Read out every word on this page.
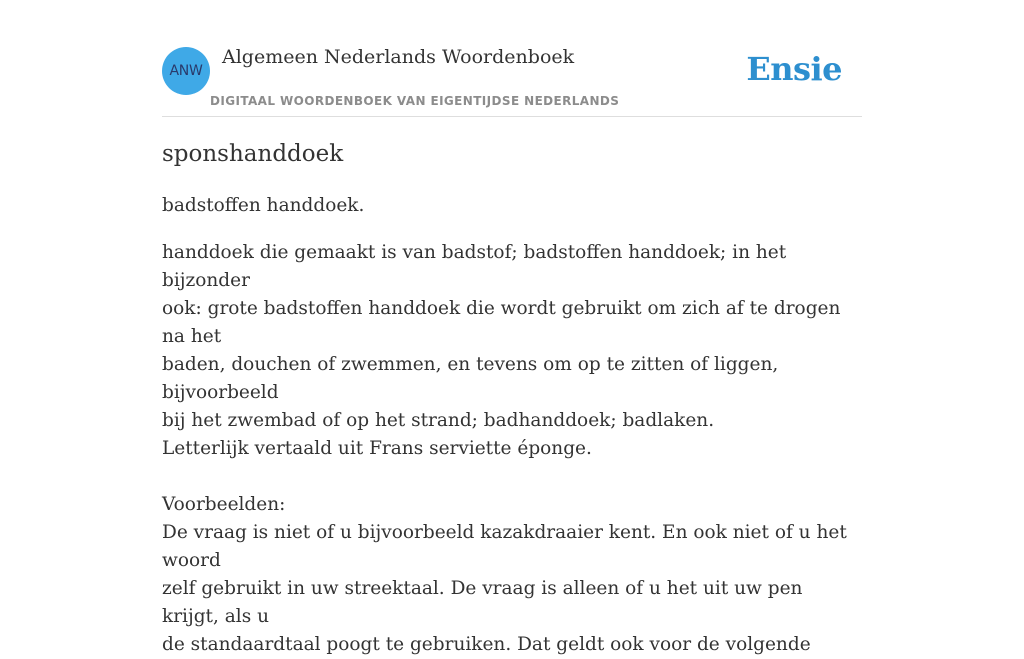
ANW
Algemeen Nederlands Woordenboek
DIGITAAL WOORDENBOEK VAN EIGENTIJDSE NEDERLANDS
Ensie
sponshanddoek

badstoffen handdoek.

handdoek die gemaakt is van badstof; badstoffen handdoek; in het bijzonder
ook: grote badstoffen handdoek die wordt gebruikt om zich af te drogen na het
baden, douchen of zwemmen, en tevens om op te zitten of liggen, bijvoorbeeld
bij het zwembad of op het strand; badhanddoek; badlaken.
Letterlijk vertaald uit Frans serviette éponge.
Voorbeelden:
De vraag is niet of u bijvoorbeeld kazakdraaier kent. En ook niet of u het woord
zelf gebruikt in uw streektaal. De vraag is alleen of u het uit uw pen krijgt, als u
de standaardtaal poogt te gebruiken. Dat geldt ook voor de volgende
